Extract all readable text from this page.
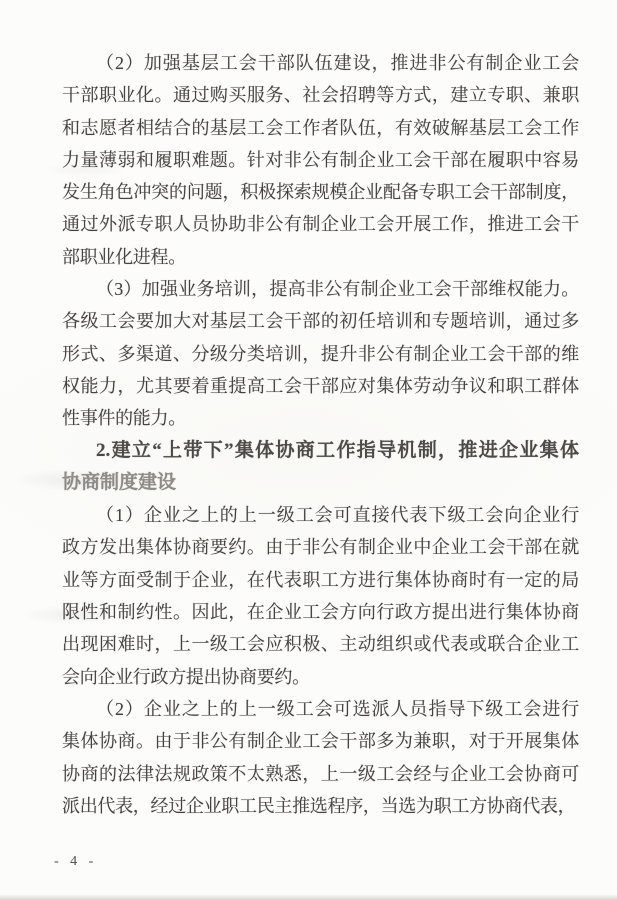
（2）加强基层工会干部队伍建设，推进非公有制企业工会
干部职业化。通过购买服务、社会招聘等方式，建立专职、兼职
和志愿者相结合的基层工会工作者队伍，有效破解基层工会工作
力量薄弱和履职难题。针对非公有制企业工会干部在履职中容易
发生角色冲突的问题，积极探索规模企业配备专职工会干部制度，
通过外派专职人员协助非公有制企业工会开展工作，推进工会干
部职业化进程。
（3）加强业务培训，提高非公有制企业工会干部维权能力。
各级工会要加大对基层工会干部的初任培训和专题培训，通过多
形式、多渠道、分级分类培训，提升非公有制企业工会干部的维
权能力，尤其要着重提高工会干部应对集体劳动争议和职工群体
性事件的能力。
2.建立“上带下”集体协商工作指导机制，推进企业集体
协商制度建设
（1）企业之上的上一级工会可直接代表下级工会向企业行
政方发出集体协商要约。由于非公有制企业中企业工会干部在就
业等方面受制于企业，在代表职工方进行集体协商时有一定的局
限性和制约性。因此，在企业工会方向行政方提出进行集体协商
出现困难时，上一级工会应积极、主动组织或代表或联合企业工
会向企业行政方提出协商要约。
（2）企业之上的上一级工会可选派人员指导下级工会进行
集体协商。由于非公有制企业工会干部多为兼职，对于开展集体
协商的法律法规政策不太熟悉，上一级工会经与企业工会协商可
派出代表，经过企业职工民主推选程序，当选为职工方协商代表，
- 4 -
